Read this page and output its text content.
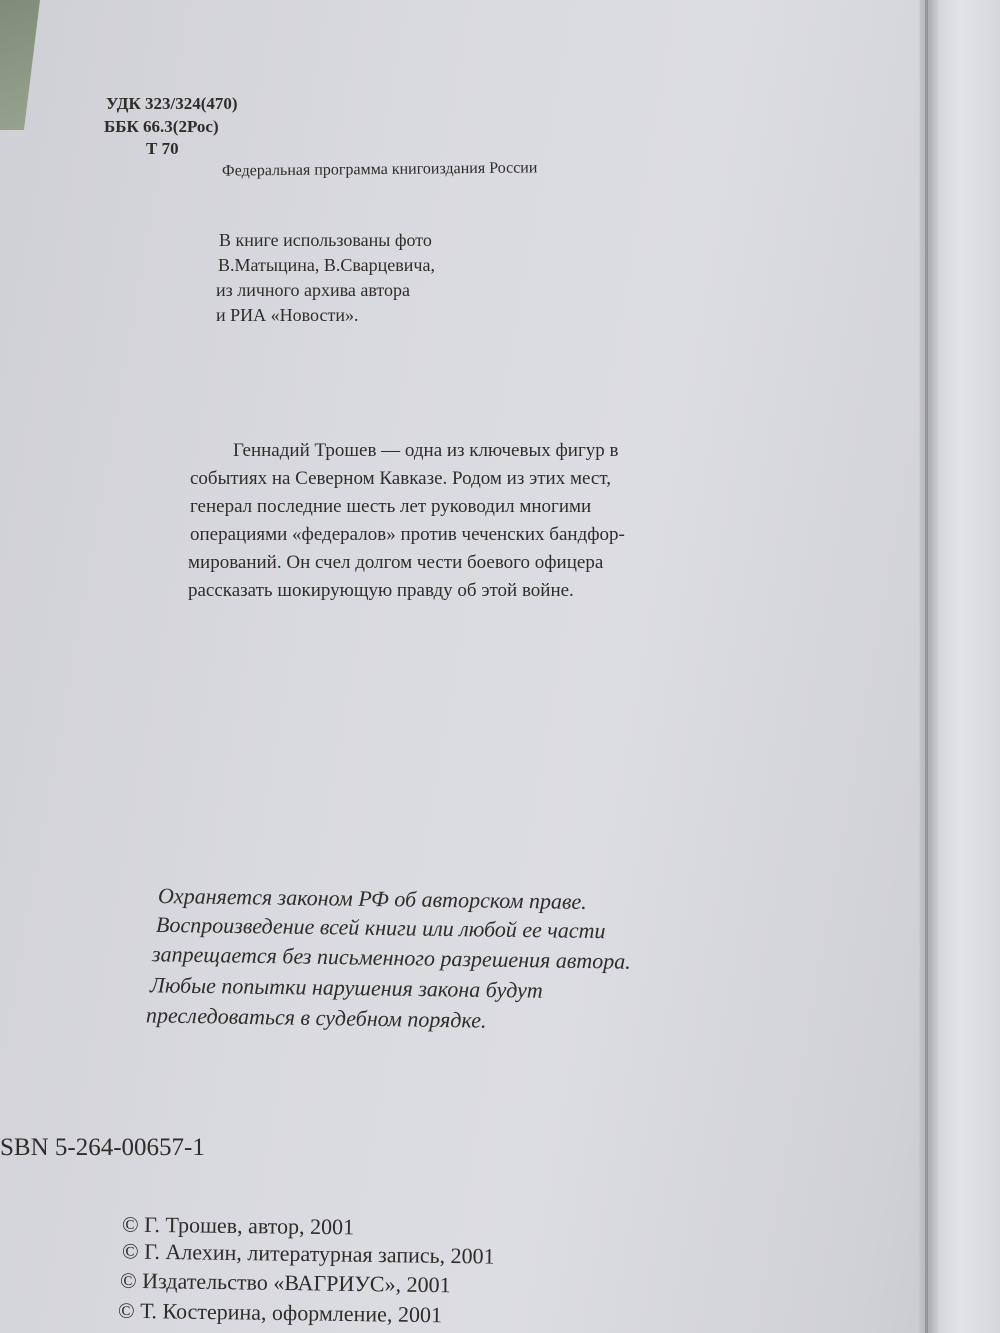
УДК 323/324(470)
ББК 66.3(2Рос)
Т 70
Федеральная программа книгоиздания России
В книге использованы фото
В.Матыцина, В.Сварцевича,
из личного архива автора
и РИА «Новости».
Геннадий Трошев — одна из ключевых фигур в
событиях на Северном Кавказе. Родом из этих мест,
генерал последние шесть лет руководил многими
операциями «федералов» против чеченских бандфор-
мирований. Он счел долгом чести боевого офицера
рассказать шокирующую правду об этой войне.
Охраняется законом РФ об авторском праве.
Воспроизведение всей книги или любой ее части
запрещается без письменного разрешения автора.
Любые попытки нарушения закона будут
преследоваться в судебном порядке.
SBN 5-264-00657-1
© Г. Трошев, автор, 2001
© Г. Алехин, литературная запись, 2001
© Издательство «ВАГРИУС», 2001
© Т. Костерина, оформление, 2001
